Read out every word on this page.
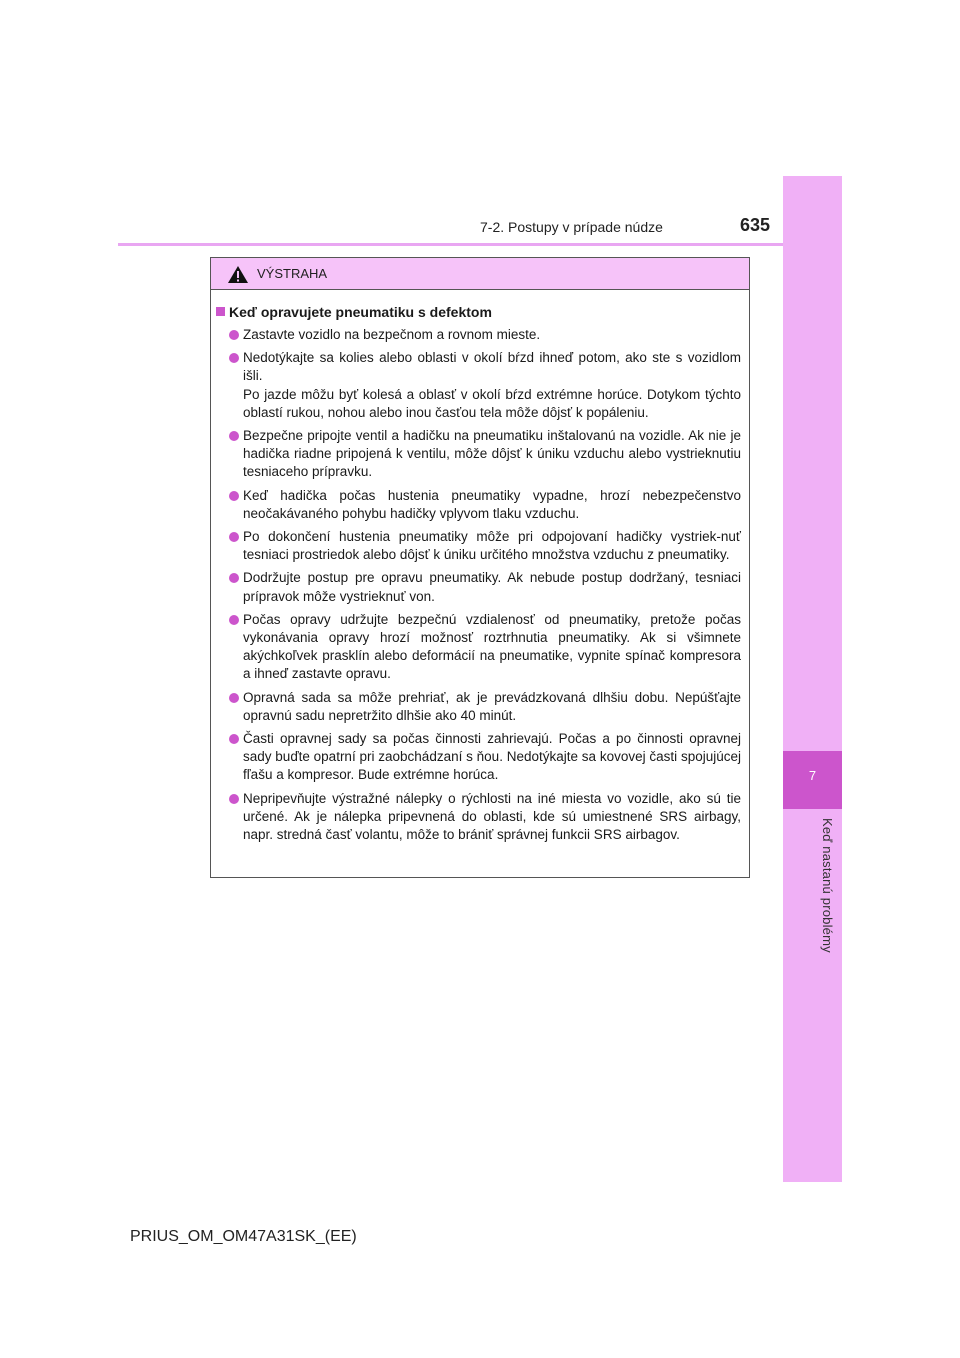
7-2. Postupy v prípade núdze	635
7
Keď nastanú problémy
VÝSTRAHA
Keď opravujete pneumatiku s defektom
Zastavte vozidlo na bezpečnom a rovnom mieste.
Nedotýkajte sa kolies alebo oblasti v okolí bŕzd ihneď potom, ako ste s vozidlom išli.
Po jazde môžu byť kolesá a oblasť v okolí bŕzd extrémne horúce. Dotykom týchto oblastí rukou, nohou alebo inou časťou tela môže dôjsť k popáleniu.
Bezpečne pripojte ventil a hadičku na pneumatiku inštalovanú na vozidle. Ak nie je hadička riadne pripojená k ventilu, môže dôjsť k úniku vzduchu alebo vystrieknutiu tesniaceho prípravku.
Keď hadička počas hustenia pneumatiky vypadne, hrozí nebezpečenstvo neočakávaného pohybu hadičky vplyvom tlaku vzduchu.
Po dokončení hustenia pneumatiky môže pri odpojovaní hadičky vystriek-nuť tesniaci prostriedok alebo dôjsť k úniku určitého množstva vzduchu z pneumatiky.
Dodržujte postup pre opravu pneumatiky. Ak nebude postup dodržaný, tesniaci prípravok môže vystrieknuť von.
Počas opravy udržujte bezpečnú vzdialenosť od pneumatiky, pretože počas vykonávania opravy hrozí možnosť roztrhnutia pneumatiky. Ak si všimnete akýchkoľvek prasklín alebo deformácií na pneumatike, vypnite spínač kompresora a ihneď zastavte opravu.
Opravná sada sa môže prehriať, ak je prevádzkovaná dlhšiu dobu. Nepúšťajte opravnú sadu nepretržito dlhšie ako 40 minút.
Časti opravnej sady sa počas činnosti zahrievajú. Počas a po činnosti opravnej sady buďte opatrní pri zaobchádzaní s ňou. Nedotýkajte sa kovovej časti spojujúcej fľašu a kompresor. Bude extrémne horúca.
Nepripevňujte výstražné nálepky o rýchlosti na iné miesta vo vozidle, ako sú tie určené. Ak je nálepka pripevnená do oblasti, kde sú umiestnené SRS airbagy, napr. stredná časť volantu, môže to brániť správnej funkcii SRS airbagov.
PRIUS_OM_OM47A31SK_(EE)
